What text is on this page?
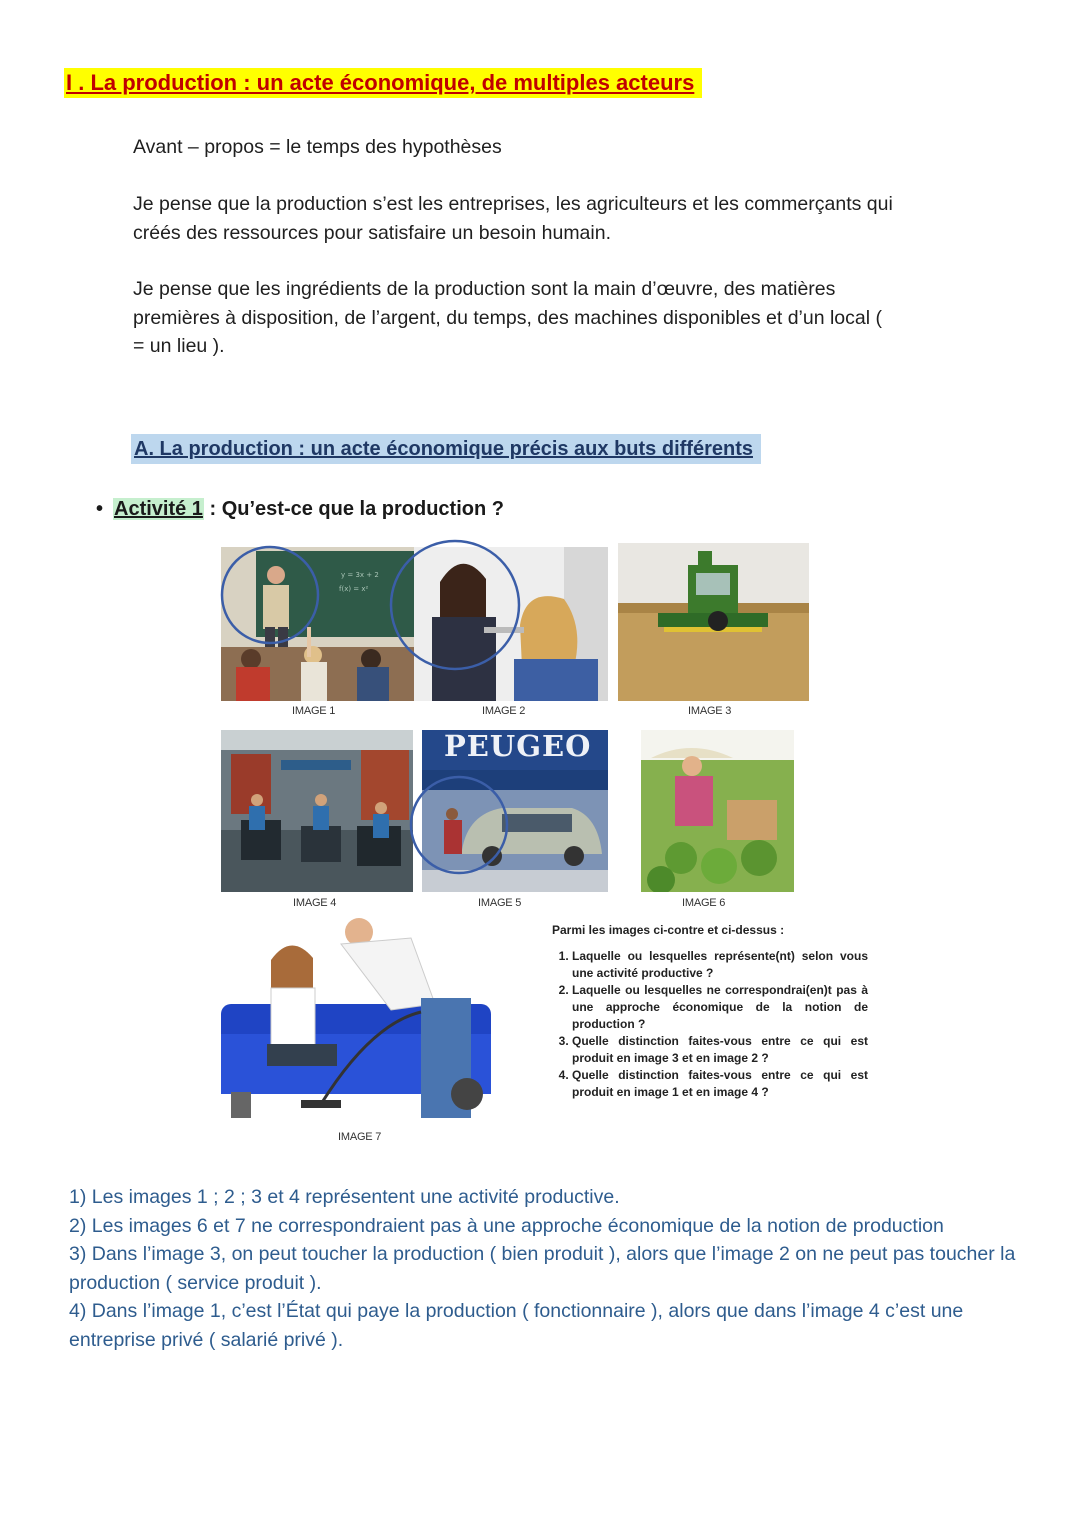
I . La production : un acte économique, de multiples acteurs
Avant – propos = le temps des hypothèses
Je pense que la production s’est les entreprises, les agriculteurs et les commerçants qui créés des ressources pour satisfaire un besoin humain.
Je pense que les ingrédients de la production sont la main d’œuvre, des matières premières à disposition, de l’argent, du temps, des machines disponibles et d’un local ( = un lieu ).
A. La production : un acte économique précis aux buts différents
• Activité 1 : Qu’est-ce que la production ?
y = 3x + 2
f(x) = x²
IMAGE 1	IMAGE 2	IMAGE 3
PEUGEO
IMAGE 4	IMAGE 5	IMAGE 6
IMAGE 7
Parmi les images ci-contre et ci-dessus :
1. Laquelle ou lesquelles représente(nt) selon vous une activité productive ?
2. Laquelle ou lesquelles ne correspondrai(en)t pas à une approche économique de la notion de production ?
3. Quelle distinction faites-vous entre ce qui est produit en image 3 et en image 2 ?
4. Quelle distinction faites-vous entre ce qui est produit en image 1 et en image 4 ?

1) Les images 1 ; 2 ; 3 et 4 représentent une activité productive.

2) Les images 6 et 7 ne correspondraient pas à une approche économique de la notion de production

3) Dans l’image 3, on peut toucher la production ( bien produit ), alors que l’image 2 on ne peut pas toucher la production ( service produit ).

4) Dans l’image 1, c’est l’État qui paye la production ( fonctionnaire ), alors que dans l’image 4 c’est une entreprise privé ( salarié privé ).
